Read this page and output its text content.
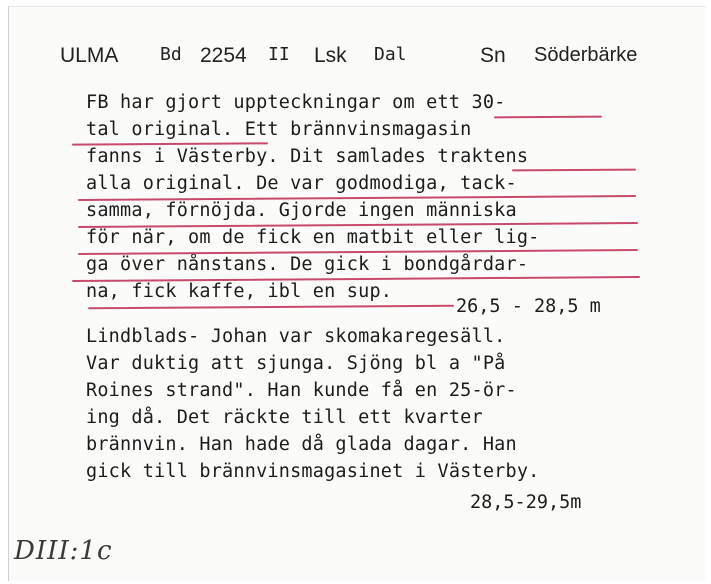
ULMA Bd 2254 II Lsk Dal	Sn Söderbärke
FB har gjort uppteckningar om ett 30-
tal original. Ett brännvinsmagasin
fanns i Västerby. Dit samlades traktens
alla original. De var godmodiga, tack-
samma, förnöjda. Gjorde ingen människa
för när, om de fick en matbit eller lig-
ga över nånstans. De gick i bondgårdar-
na, fick kaffe, ibl en sup.
26,5 - 28,5 m
Lindblads- Johan var skomakaregesäll.
Var duktig att sjunga. Sjöng bl a "På
Roines strand". Han kunde få en 25-ör-
ing då. Det räckte till ett kvarter
brännvin. Han hade då glada dagar. Han
gick till brännvinsmagasinet i Västerby.
28,5-29,5m
DIII:1c
